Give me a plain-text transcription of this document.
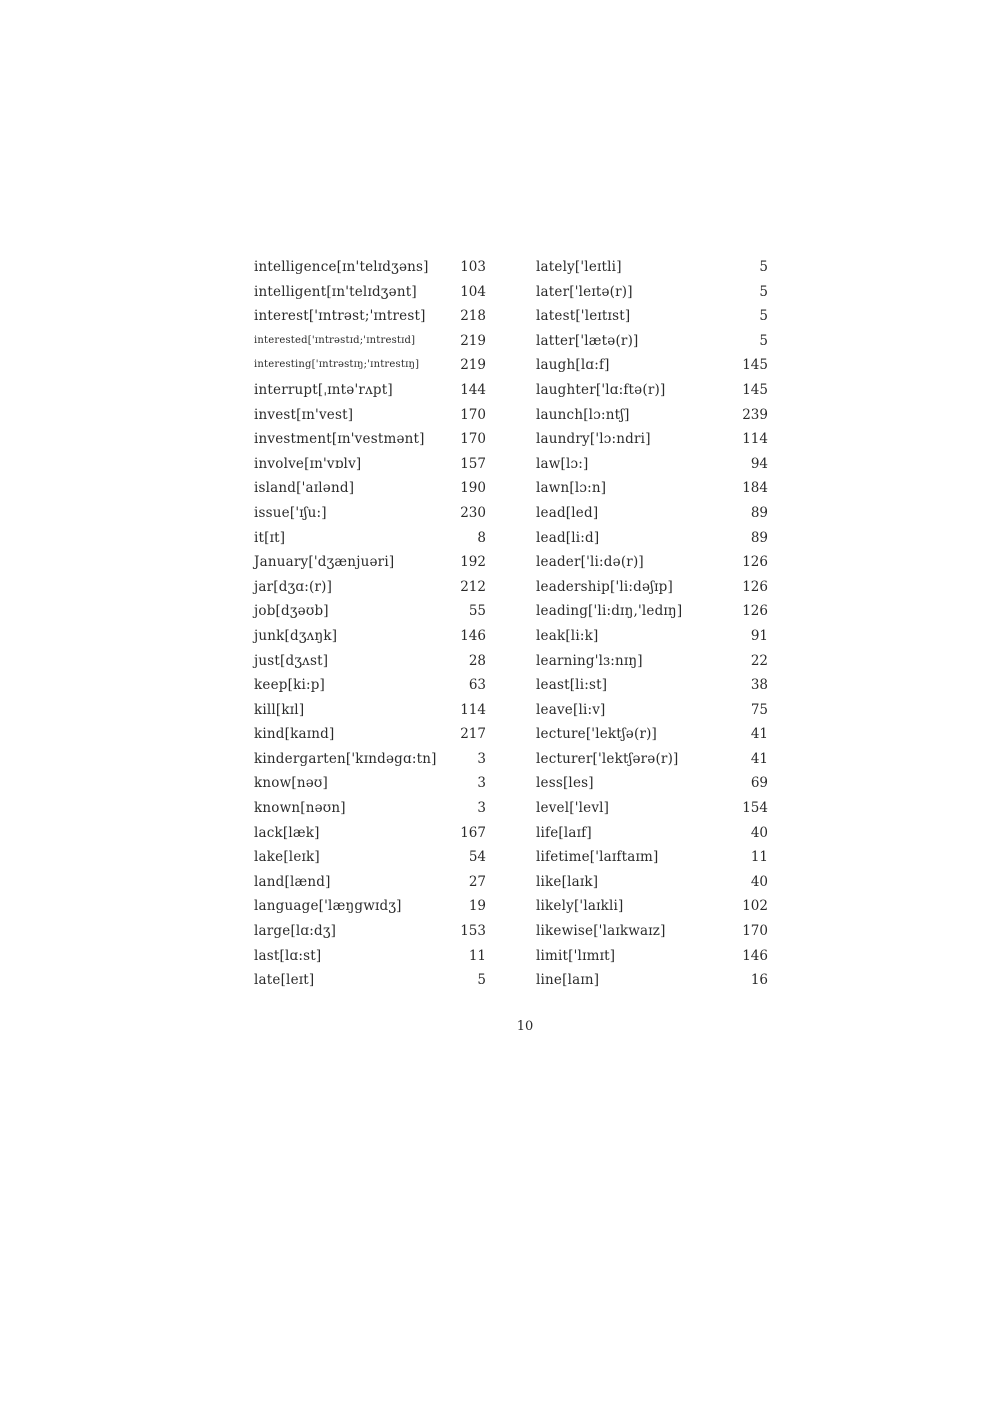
intelligence[ɪn'telɪdʒəns] 103
intelligent[ɪn'telɪdʒənt]	104
interest['ɪntrəst;'ɪntrest]	218
interested['ɪntrəstɪd;'ɪntrestɪd]	219
interesting['ɪntrəstɪŋ;'ɪntrestɪŋ]	219
interrupt[ˌɪntə'rʌpt]	144
invest[ɪn'vest]	170
investment[ɪn'vestmənt]	170
involve[ɪn'vɒlv]	157
island['aɪlənd]	190
issue['ɪʃu:]	230
it[ɪt]	8
January['dʒænjuəri]	192
jar[dʒɑ:(r)]	212
job[dʒəʊb]	55
junk[dʒʌŋk]	146
just[dʒʌst]	28
keep[ki:p]	63
kill[kɪl]	114
kind[kaɪnd]	217
kindergarten['kɪndəgɑ:tn]	3
know[nəʊ]	3
known[nəʊn]	3
lack[læk]	167
lake[leɪk]	54
land[lænd]	27
language['læŋgwɪdʒ]	19
large[lɑ:dʒ]	153
last[lɑ:st]	11
late[leɪt]	5
lately['leɪtli]	5
later['leɪtə(r)]	5
latest['leɪtɪst]	5
latter['lætə(r)]	5
laugh[lɑ:f]	145
laughter['lɑ:ftə(r)]	145
launch[lɔ:ntʃ]	239
laundry['lɔ:ndri]	114
law[lɔ:]	94
lawn[lɔ:n]	184
lead[led]	89
lead[li:d]	89
leader['li:də(r)]	126
leadership['li:dəʃɪp]	126
leading['li:dɪŋ,'ledɪŋ]	126
leak[li:k]	91
learning'lɜ:nɪŋ]	22
least[li:st]	38
leave[li:v]	75
lecture['lektʃə(r)]	41
lecturer['lektʃərə(r)]	41
less[les]	69
level['levl]	154
life[laɪf]	40
lifetime['laɪftaɪm]	11
like[laɪk]	40
likely['laɪkli]	102
likewise['laɪkwaɪz]	170
limit['lɪmɪt]	146
line[laɪn]	16
10
